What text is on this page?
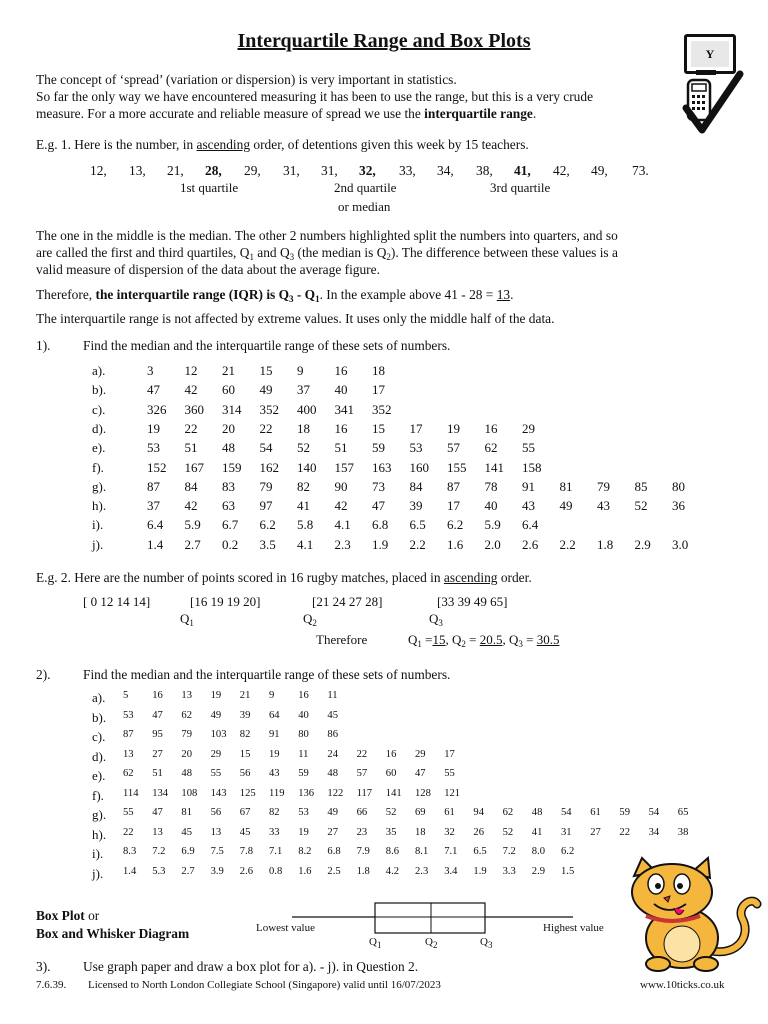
Interquartile Range and Box Plots
Y
The concept of ‘spread’ (variation or dispersion) is very important in statistics.
So far the only way we have encountered measuring it has been to use the range, but this is a very crude
measure. For a more accurate and reliable measure of spread we use the interquartile range.
E.g. 1. Here is the number, in ascending order, of detentions given this week by 15 teachers.
12, 13, 21, 28, 29, 31, 31, 32, 33, 34, 38, 41, 42, 49, 73.
1st quartile	2nd quartile
or median
3rd quartile
The one in the middle is the median. The other 2 numbers highlighted split the numbers into quarters, and so
are called the first and third quartiles, $Q_1$ and $Q_3$ (the median is $Q_2$). The difference between these values is a
valid measure of dispersion of the data about the average figure.
Therefore, the interquartile range (IQR) is $Q_3 - Q_1$. In the example above 41 - 28 = 13.
The interquartile range is not affected by extreme values. It uses only the middle half of the data.
1). Find the median and the interquartile range of these sets of numbers.
a).	3 12 21 15 9 16 18
b).	47 42 60 49 37 40 17
c).	326 360 314 352 400 341 352
d).	19 22 20 22 18 16 15 17 19 16 29
e).	53 51 48 54 52 51 59 53 57 62 55
f).	152 167 159 162 140 157 163 160 155 141 158
g).	87 84 83 79 82 90 73 84 87 78 91 81 79 85 80
h).	37 42 63 97 41 42 47 39 17 40 43 49 43 52 36
i).	6.4 5.9 6.7 6.2 5.8 4.1 6.8 6.5 6.2 5.9 6.4
j).	1.4 2.7 0.2 3.5 4.1 2.3 1.9 2.2 1.6 2.0 2.6 2.2 1.8 2.9 3.0
E.g. 2. Here are the number of points scored in 16 rugby matches, placed in ascending order.
[ 0 12 14 14]	[16 19 19 20]	[21 24 27 28]	[33 39 49 65]
$Q_1$	$Q_2$	$Q_3$
Therefore	$Q_1 =15$, $Q_2 = 20.5$, $Q_3 = 30.5$
2). Find the median and the interquartile range of these sets of numbers.
a). 5 16 13 19 21 9 16 11
b). 53 47 62 49 39 64 40 45
c). 87 95 79 103 82 91 80 86
d). 13 27 20 29 15 19 11 24 22 16 29 17
e). 62 51 48 55 56 43 59 48 57 60 47 55
f). 114 134 108 143 125 119 136 122 117 141 128 121
g). 55 47 81 56 67 82 53 49 66 52 69 61 94 62 48 54 61 59 54 65
h). 22 13 45 13 45 33 19 27 23 35 18 32 26 52 41 31 27 22 34 38
i). 8.3 7.2 6.9 7.5 7.8 7.1 8.2 6.8 7.9 8.6 8.1 7.1 6.5 7.2 8.0 6.2
j). 1.4 5.3 2.7 3.9 2.6 0.8 1.6 2.5 1.8 4.2 2.3 3.4 1.9 3.3 2.9 1.5
Box Plot or
Box and Whisker Diagram	Lowest value	Highest value
$Q_1$	$Q_2$	$Q_3$
3). Use graph paper and draw a box plot for a). - j). in Question 2.
7.6.39. Licensed to North London Collegiate School (Singapore) valid until 16/07/2023	www.10ticks.co.uk
